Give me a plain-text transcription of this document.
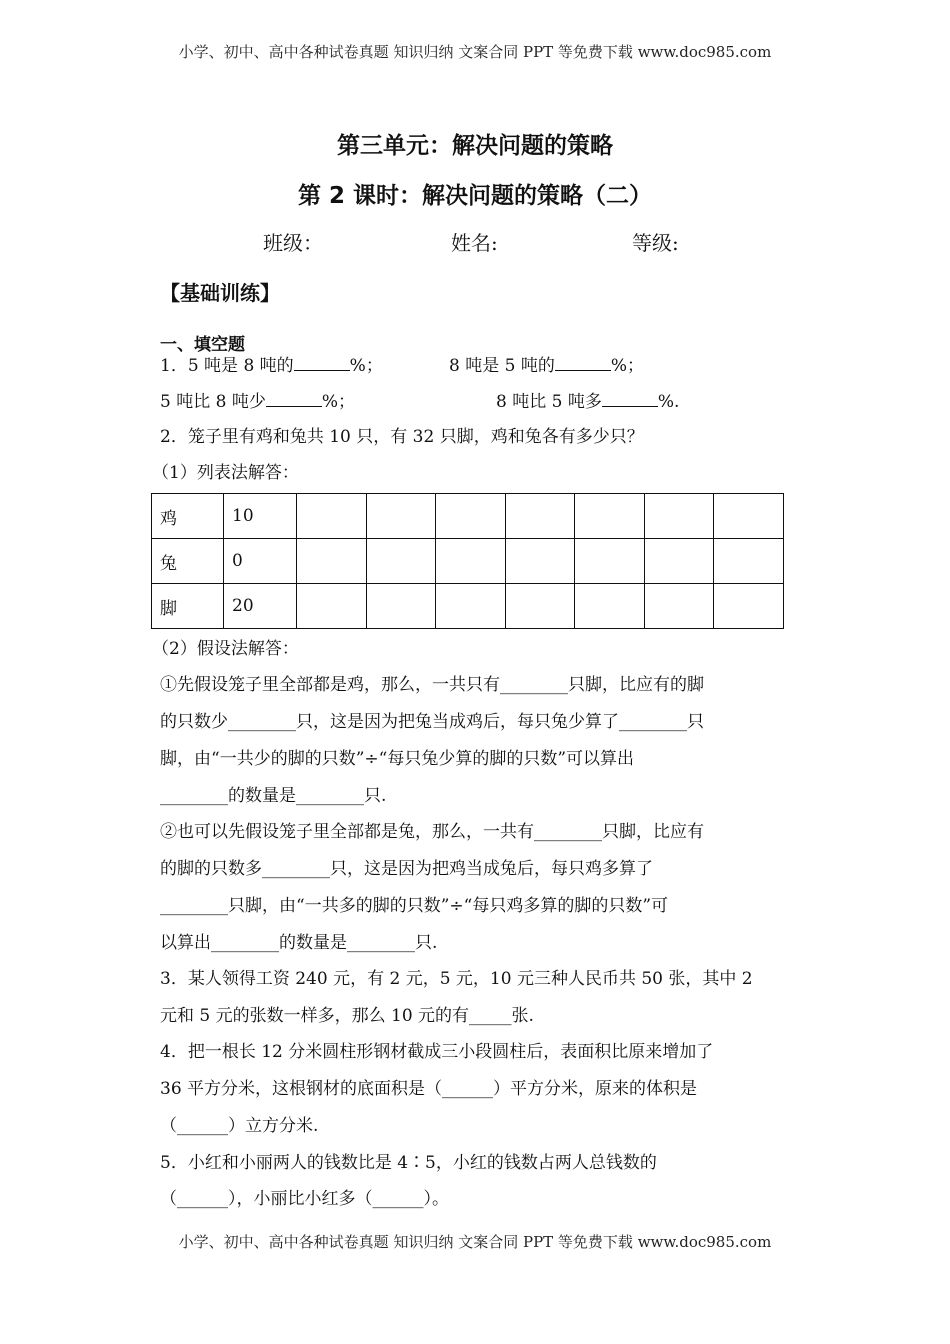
小学、初中、高中各种试卷真题 知识归纳 文案合同 PPT 等免费下载 www.doc985.com
小学、初中、高中各种试卷真题 知识归纳 文案合同 PPT 等免费下载 www.doc985.com
第三单元：解决问题的策略
第 2 课时：解决问题的策略（二）
班级：	姓名:	等级:
【基础训练】
一、填空题
1．5 吨是 8 吨的	%；	8 吨是 5 吨的	%；
5 吨比 8 吨少	%；	8 吨比 5 吨多	%.
2．笼子里有鸡和兔共 10 只，有 32 只脚，鸡和兔各有多少只？
（1）列表法解答：
鸡	10							
兔	0							
脚	20							
（2）假设法解答：
①先假设笼子里全部都是鸡，那么，一共只有________只脚，比应有的脚
的只数少________只，这是因为把兔当成鸡后，每只兔少算了________只
脚，由“一共少的脚的只数”÷“每只兔少算的脚的只数”可以算出
________的数量是________只.
②也可以先假设笼子里全部都是兔，那么，一共有________只脚，比应有
的脚的只数多________只，这是因为把鸡当成兔后，每只鸡多算了
________只脚，由“一共多的脚的只数”÷“每只鸡多算的脚的只数”可
以算出________的数量是________只.
3．某人领得工资 240 元，有 2 元，5 元，10 元三种人民币共 50 张，其中 2
元和 5 元的张数一样多，那么 10 元的有_____张.
4．把一根长 12 分米圆柱形钢材截成三小段圆柱后，表面积比原来增加了
36 平方分米，这根钢材的底面积是（______）平方分米，原来的体积是
（______）立方分米.
5．小红和小丽两人的钱数比是 4∶5，小红的钱数占两人总钱数的
（______），小丽比小红多（______）。
